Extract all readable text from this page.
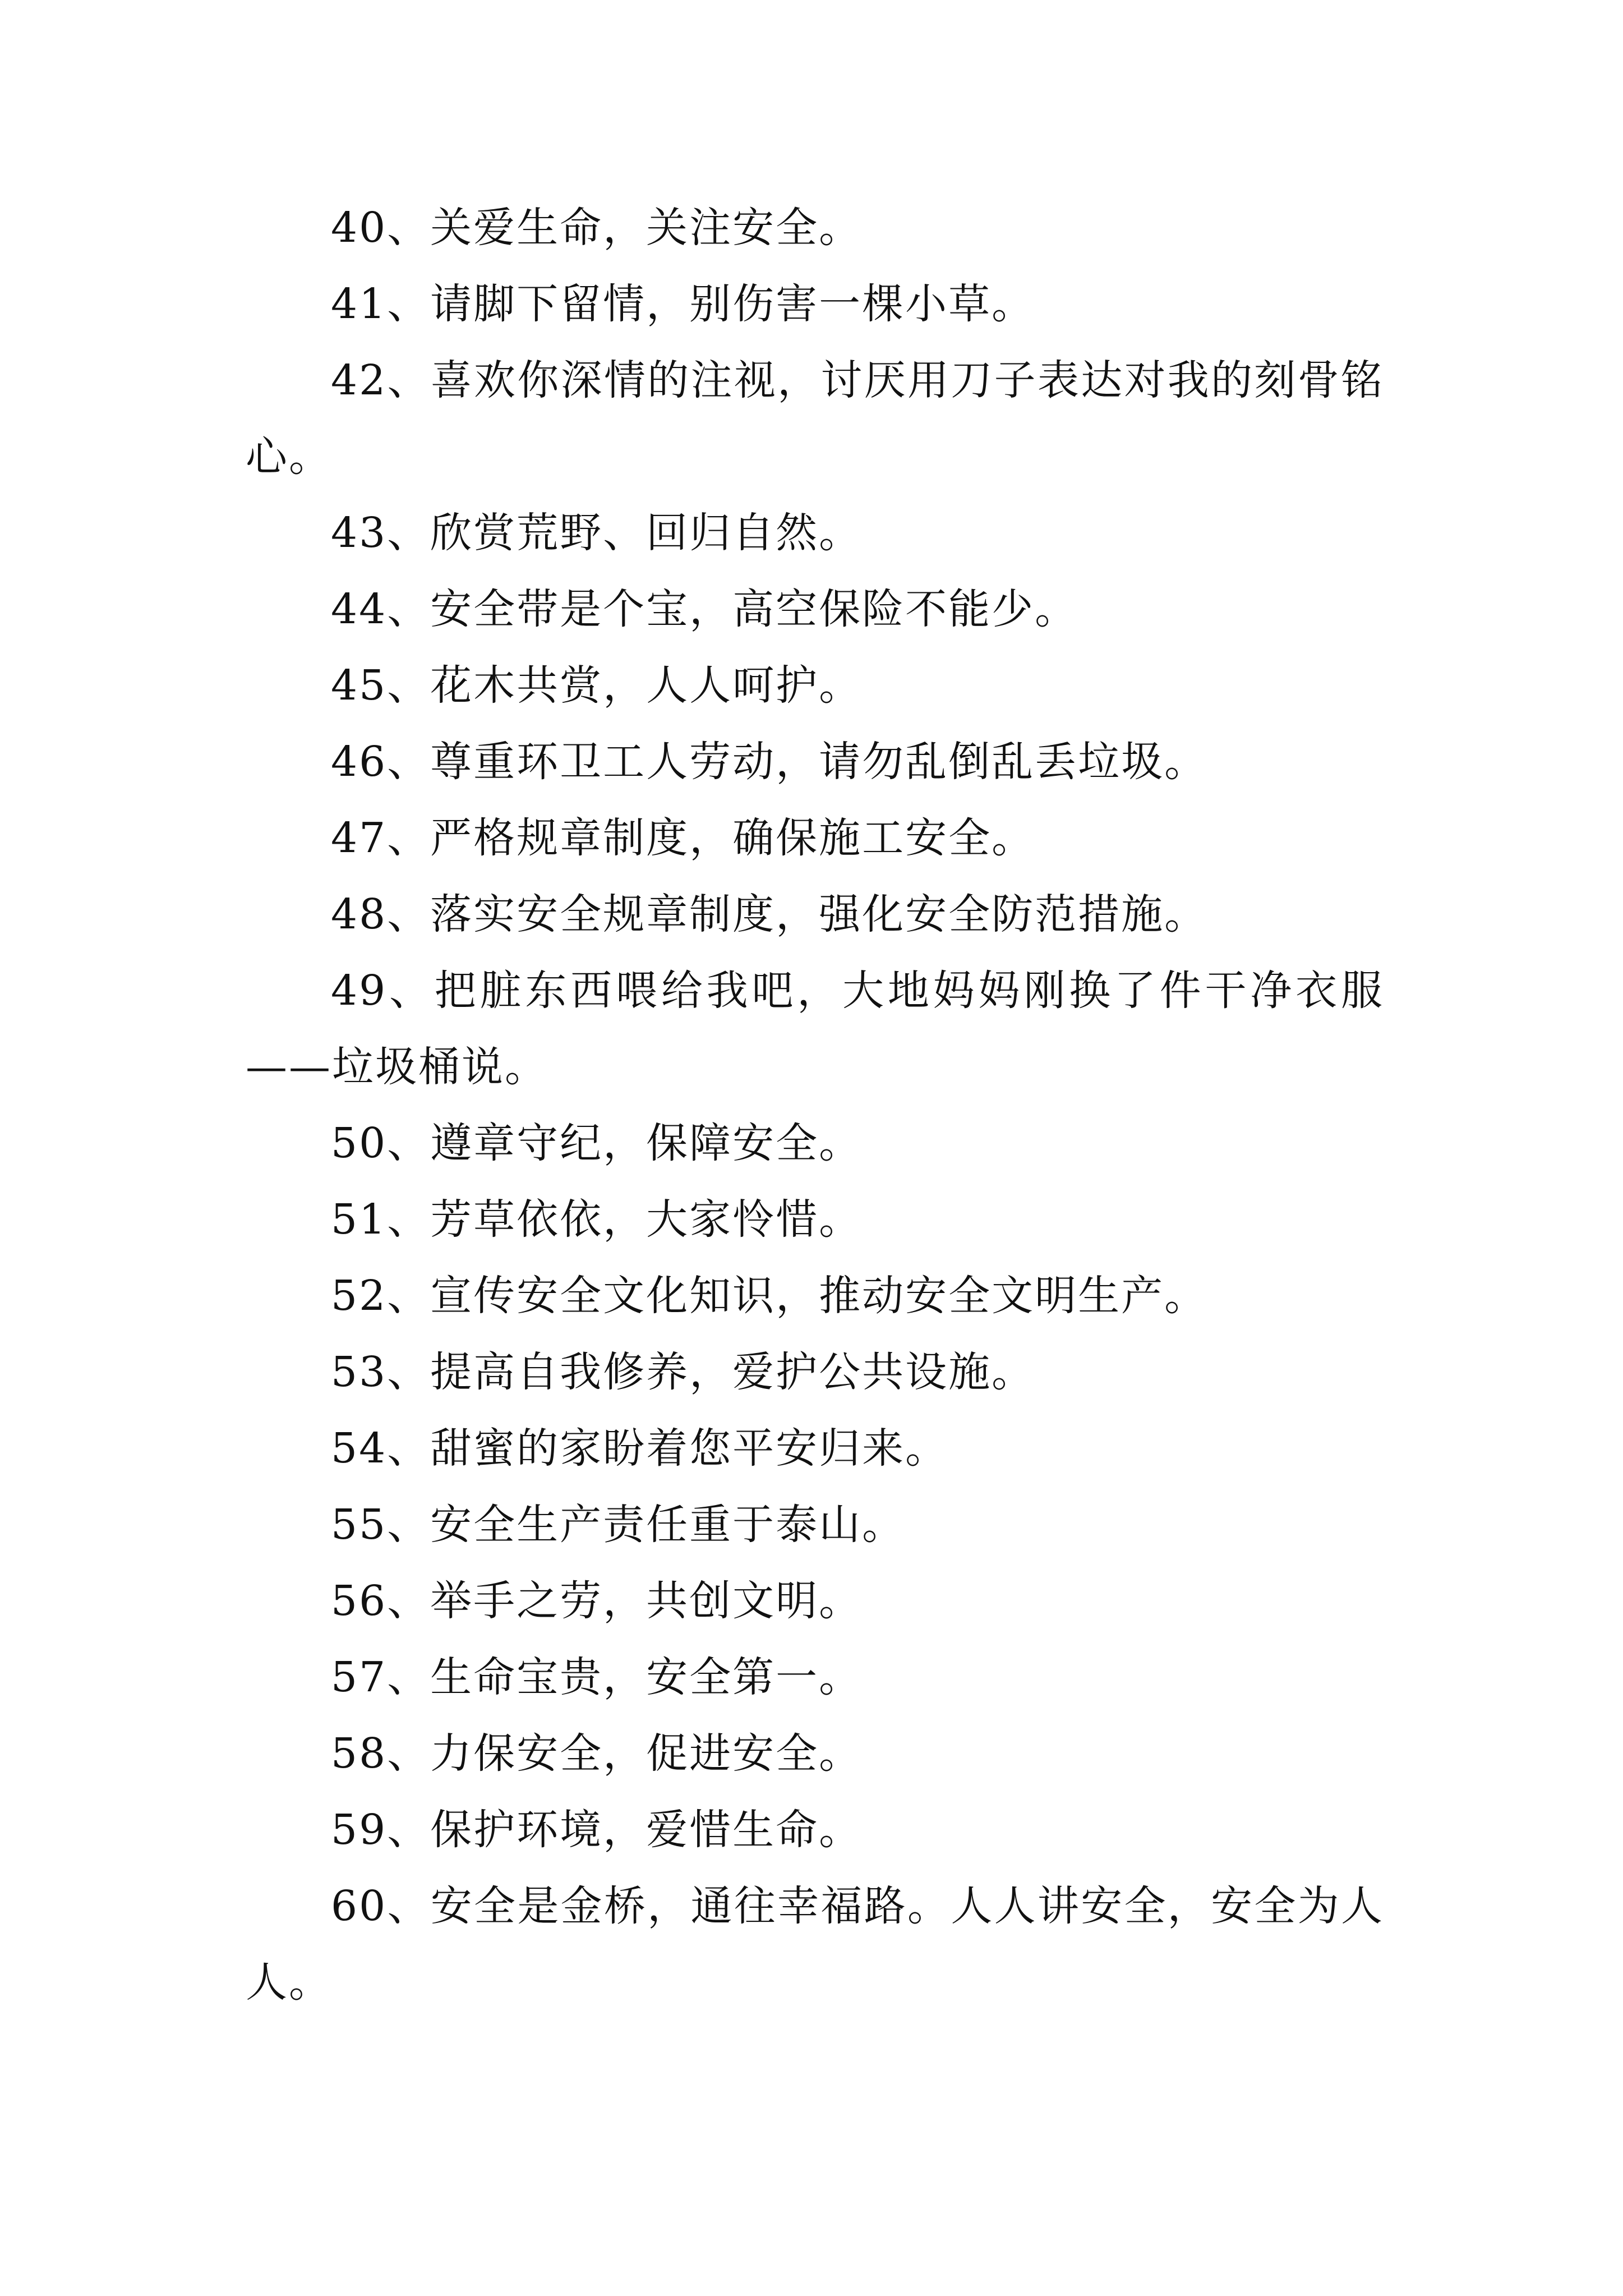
40、关爱生命，关注安全。

41、请脚下留情，别伤害一棵小草。

42、喜欢你深情的注视，讨厌用刀子表达对我的刻骨铭心。

43、欣赏荒野、回归自然。

44、安全带是个宝，高空保险不能少。

45、花木共赏，人人呵护。

46、尊重环卫工人劳动，请勿乱倒乱丢垃圾。

47、严格规章制度，确保施工安全。

48、落实安全规章制度，强化安全防范措施。

49、把脏东西喂给我吧，大地妈妈刚换了件干净衣服——垃圾桶说。

50、遵章守纪，保障安全。

51、芳草依依，大家怜惜。

52、宣传安全文化知识，推动安全文明生产。

53、提高自我修养，爱护公共设施。

54、甜蜜的家盼着您平安归来。

55、安全生产责任重于泰山。

56、举手之劳，共创文明。

57、生命宝贵，安全第一。

58、力保安全，促进安全。

59、保护环境，爱惜生命。

60、安全是金桥，通往幸福路。人人讲安全，安全为人人。
